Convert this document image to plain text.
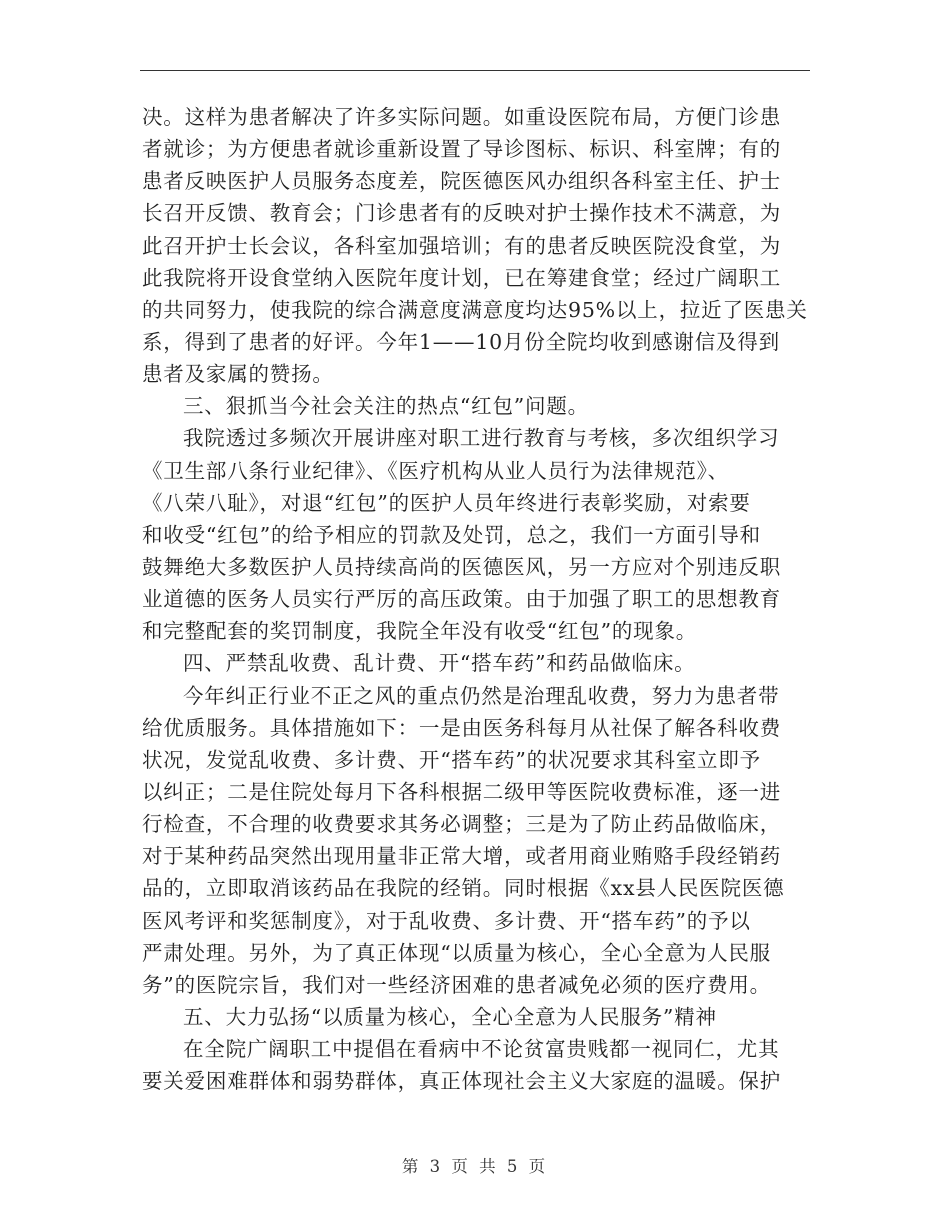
决。这样为患者解决了许多实际问题。如重设医院布局，方便门诊患
者就诊；为方便患者就诊重新设置了导诊图标、标识、科室牌；有的
患者反映医护人员服务态度差，院医德医风办组织各科室主任、护士
长召开反馈、教育会；门诊患者有的反映对护士操作技术不满意，为
此召开护士长会议，各科室加强培训；有的患者反映医院没食堂，为
此我院将开设食堂纳入医院年度计划，已在筹建食堂；经过广阔职工
的共同努力，使我院的综合满意度满意度均达95%以上，拉近了医患关
系，得到了患者的好评。今年1——10月份全院均收到感谢信及得到
患者及家属的赞扬。
三、狠抓当今社会关注的热点“红包”问题。
我院透过多频次开展讲座对职工进行教育与考核，多次组织学习
《卫生部八条行业纪律》、《医疗机构从业人员行为法律规范》、
《八荣八耻》，对退“红包”的医护人员年终进行表彰奖励，对索要
和收受“红包”的给予相应的罚款及处罚，总之，我们一方面引导和
鼓舞绝大多数医护人员持续高尚的医德医风，另一方应对个别违反职
业道德的医务人员实行严厉的高压政策。由于加强了职工的思想教育
和完整配套的奖罚制度，我院全年没有收受“红包”的现象。
四、严禁乱收费、乱计费、开“搭车药”和药品做临床。
今年纠正行业不正之风的重点仍然是治理乱收费，努力为患者带
给优质服务。具体措施如下：一是由医务科每月从社保了解各科收费
状况，发觉乱收费、多计费、开“搭车药”的状况要求其科室立即予
以纠正；二是住院处每月下各科根据二级甲等医院收费标准，逐一进
行检查，不合理的收费要求其务必调整；三是为了防止药品做临床，
对于某种药品突然出现用量非正常大增，或者用商业贿赂手段经销药
品的，立即取消该药品在我院的经销。同时根据《xx县人民医院医德
医风考评和奖惩制度》，对于乱收费、多计费、开“搭车药”的予以
严肃处理。另外，为了真正体现“以质量为核心，全心全意为人民服
务”的医院宗旨，我们对一些经济困难的患者减免必须的医疗费用。
五、大力弘扬“以质量为核心，全心全意为人民服务”精神
在全院广阔职工中提倡在看病中不论贫富贵贱都一视同仁，尤其
要关爱困难群体和弱势群体，真正体现社会主义大家庭的温暖。保护
第 3 页 共 5 页
